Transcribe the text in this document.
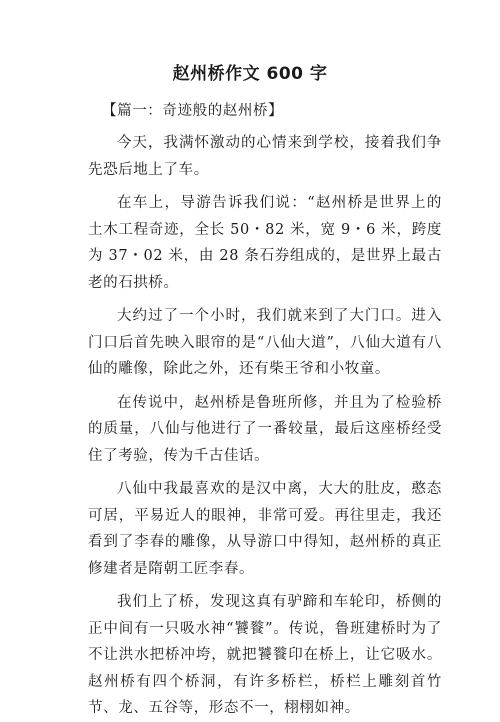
赵州桥作文 600 字
【篇一：奇迹般的赵州桥】

今天，我满怀激动的心情来到学校，接着我们争先恐后地上了车。

在车上，导游告诉我们说：“赵州桥是世界上的土木工程奇迹，全长 50・82 米，宽 9・6 米，跨度为 37・02 米，由 28 条石券组成的，是世界上最古老的石拱桥。

大约过了一个小时，我们就来到了大门口。进入门口后首先映入眼帘的是“八仙大道”，八仙大道有八仙的雕像，除此之外，还有柴王爷和小牧童。

在传说中，赵州桥是鲁班所修，并且为了检验桥的质量，八仙与他进行了一番较量，最后这座桥经受住了考验，传为千古佳话。

八仙中我最喜欢的是汉中离，大大的肚皮，憨态可居，平易近人的眼神，非常可爱。再往里走，我还看到了李春的雕像，从导游口中得知，赵州桥的真正修建者是隋朝工匠李春。

我们上了桥，发现这真有驴蹄和车轮印，桥侧的正中间有一只吸水神“饕餮”。传说，鲁班建桥时为了不让洪水把桥冲垮，就把饕餮印在桥上，让它吸水。赵州桥有四个桥洞，有许多桥栏，桥栏上雕刻首竹节、龙、五谷等，形态不一，栩栩如神。
